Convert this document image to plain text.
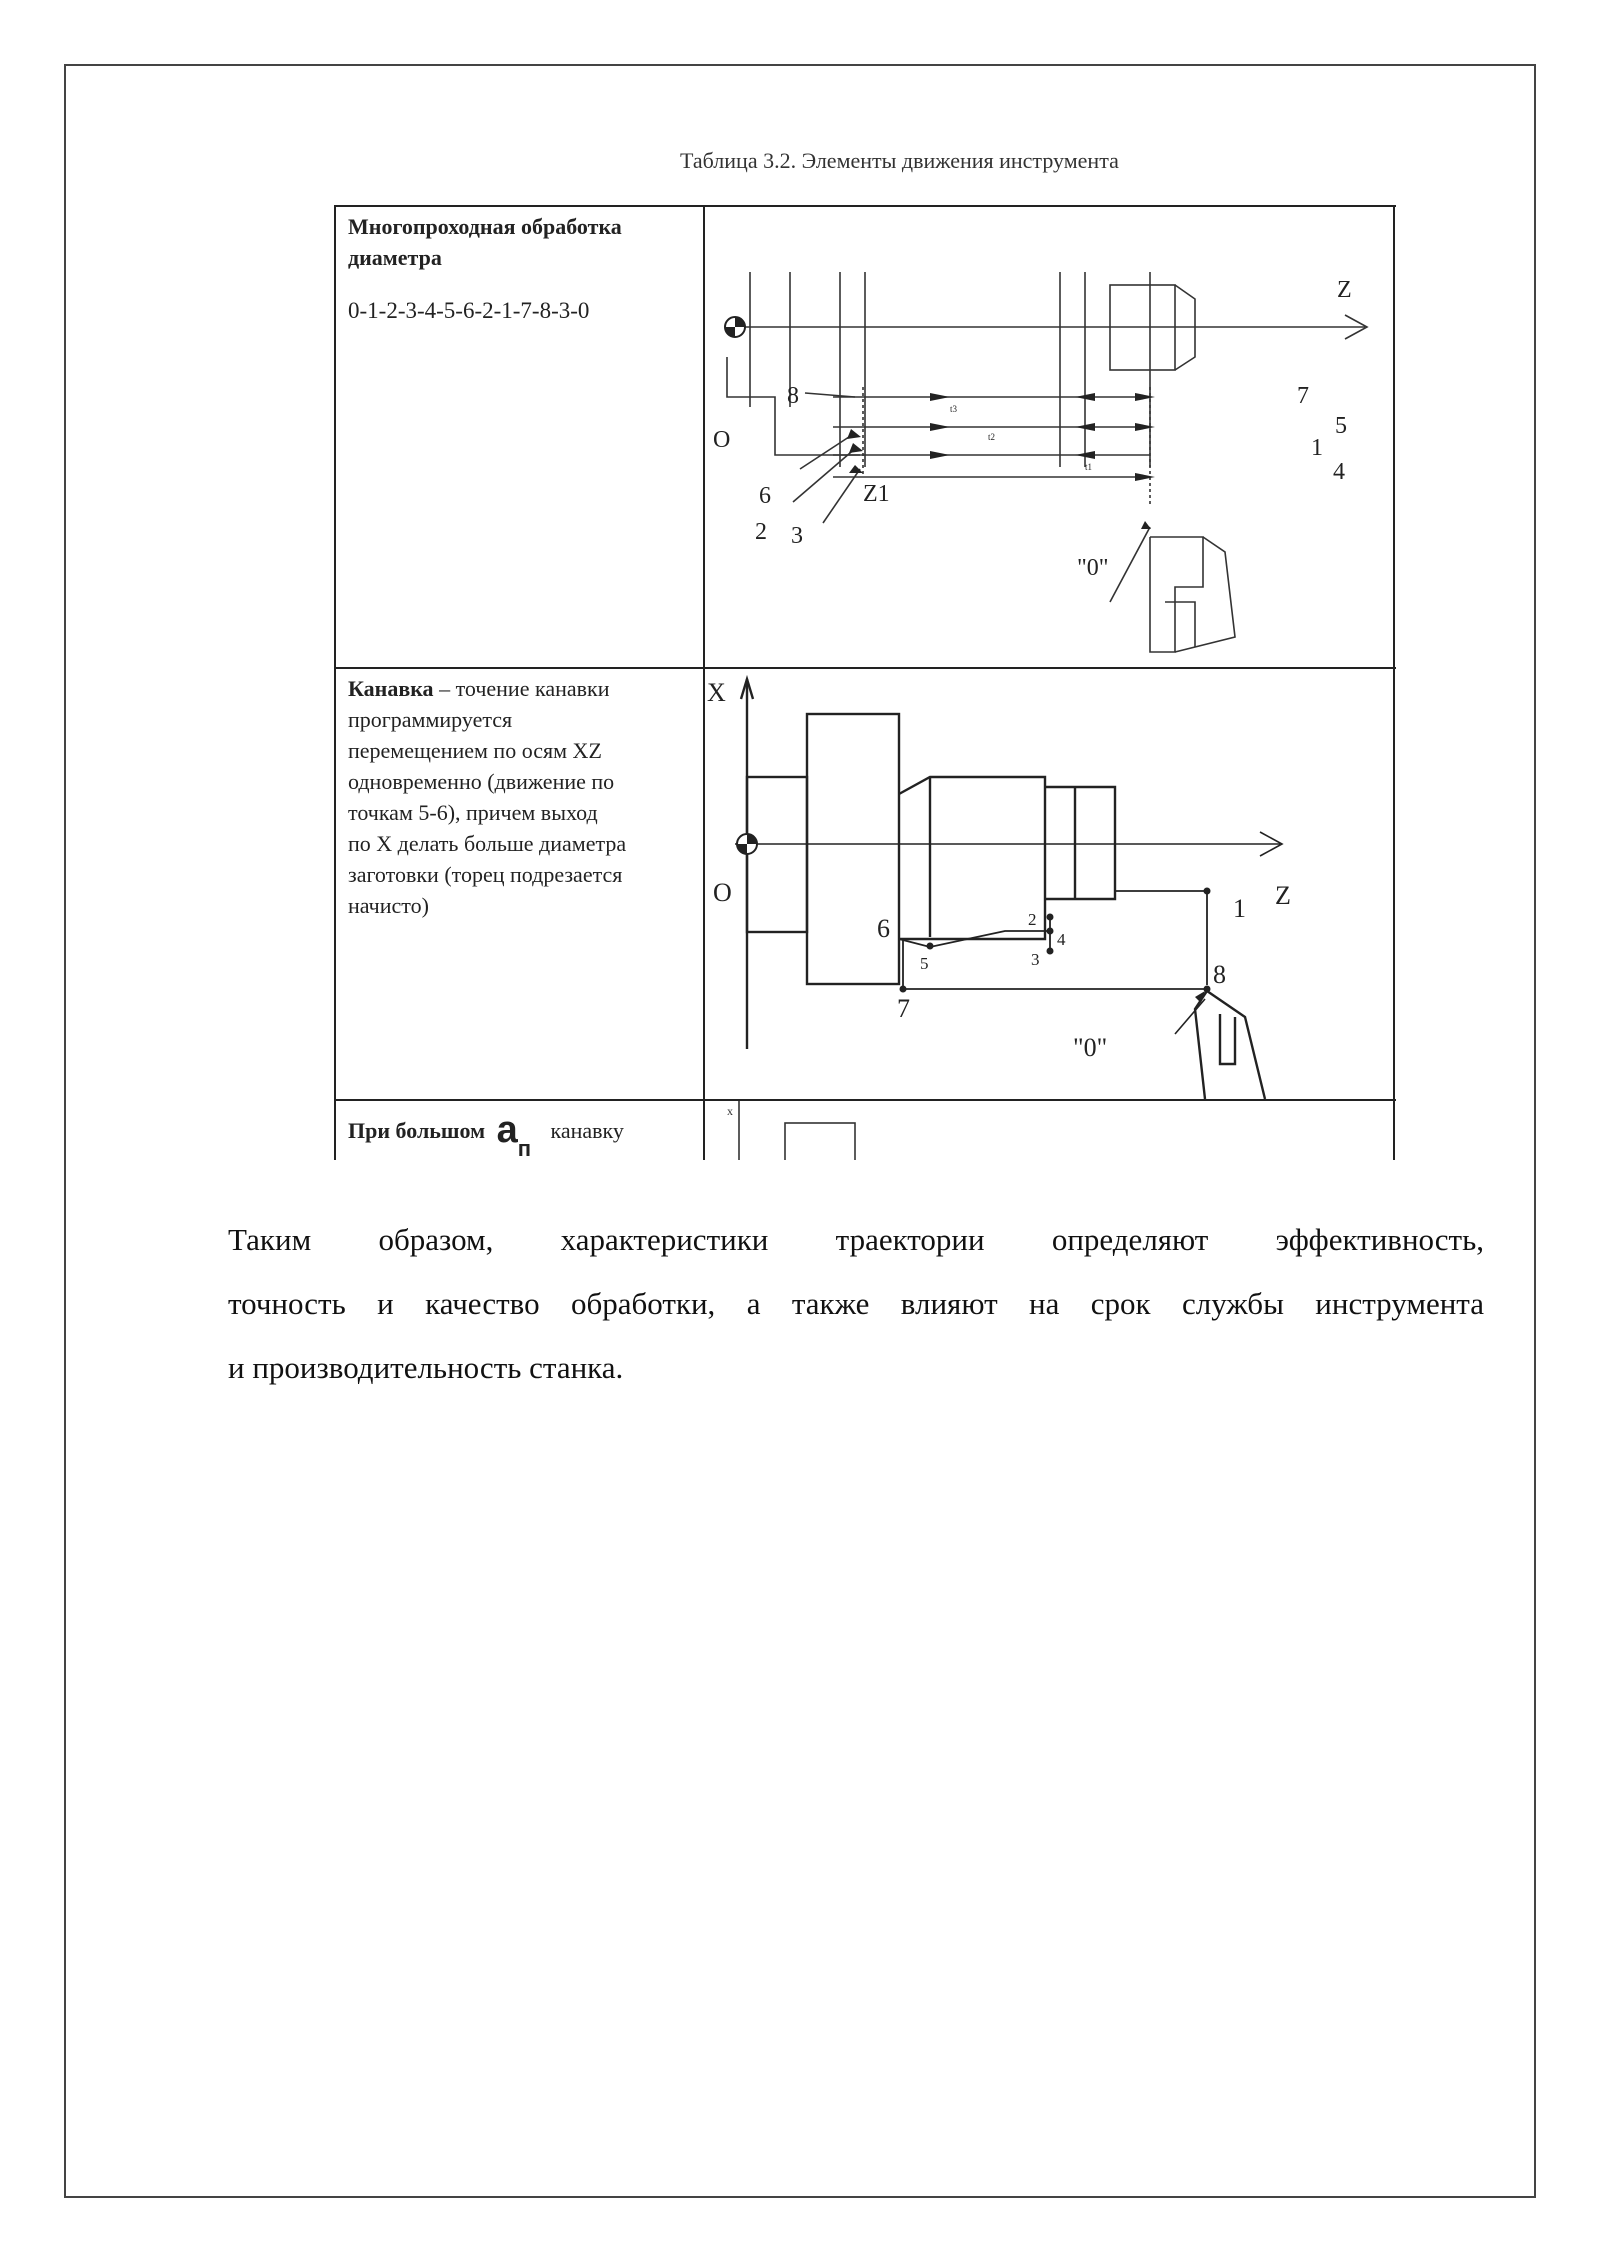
Таблица 3.2. Элементы движения инструмента
Многопроходная обработка
диаметра
0-1-2-3-4-5-6-2-1-7-8-3-0
Z
O
8	7
5
1
4
6
2 3
Z1
"0"
t3
t2
t1
Канавка – точение канавки
программируется
перемещением по осям XZ
одновременно (движение по
точкам 5-6), причем выход
по X делать больше диаметра
заготовки (торец подрезается
начисто)
X
Z
O
"0"
6
5
7
2
4
3
1
8
При большом aп канавку
x
Таким образом, характеристики траектории определяют эффективность,
точность и качество обработки, а также влияют на срок службы инструмента
и производительность станка.
